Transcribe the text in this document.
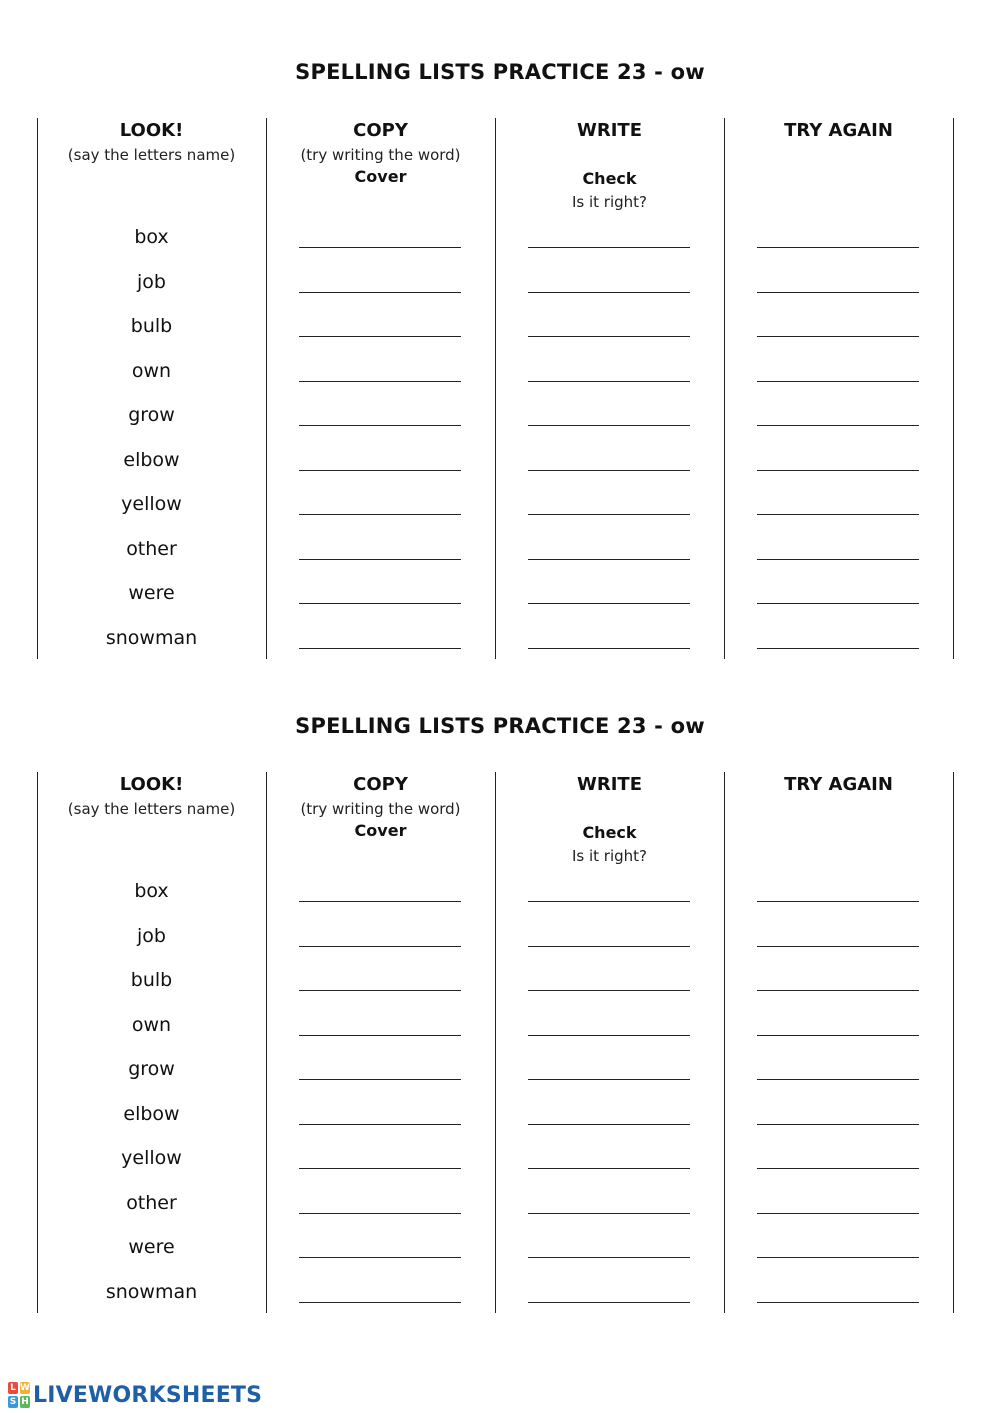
SPELLING LISTS PRACTICE 23 - ow
LOOK!
(say the letters name)
COPY
(try writing the word)
Cover
WRITE
Check
Is it right?
TRY AGAIN
box
job
bulb
own
grow
elbow
yellow
other
were
snowman
SPELLING LISTS PRACTICE 23 - ow
LOOK!
(say the letters name)
COPY
(try writing the word)
Cover
WRITE
Check
Is it right?
TRY AGAIN
box
job
bulb
own
grow
elbow
yellow
other
were
snowman
L W
S H LIVEWORKSHEETS
